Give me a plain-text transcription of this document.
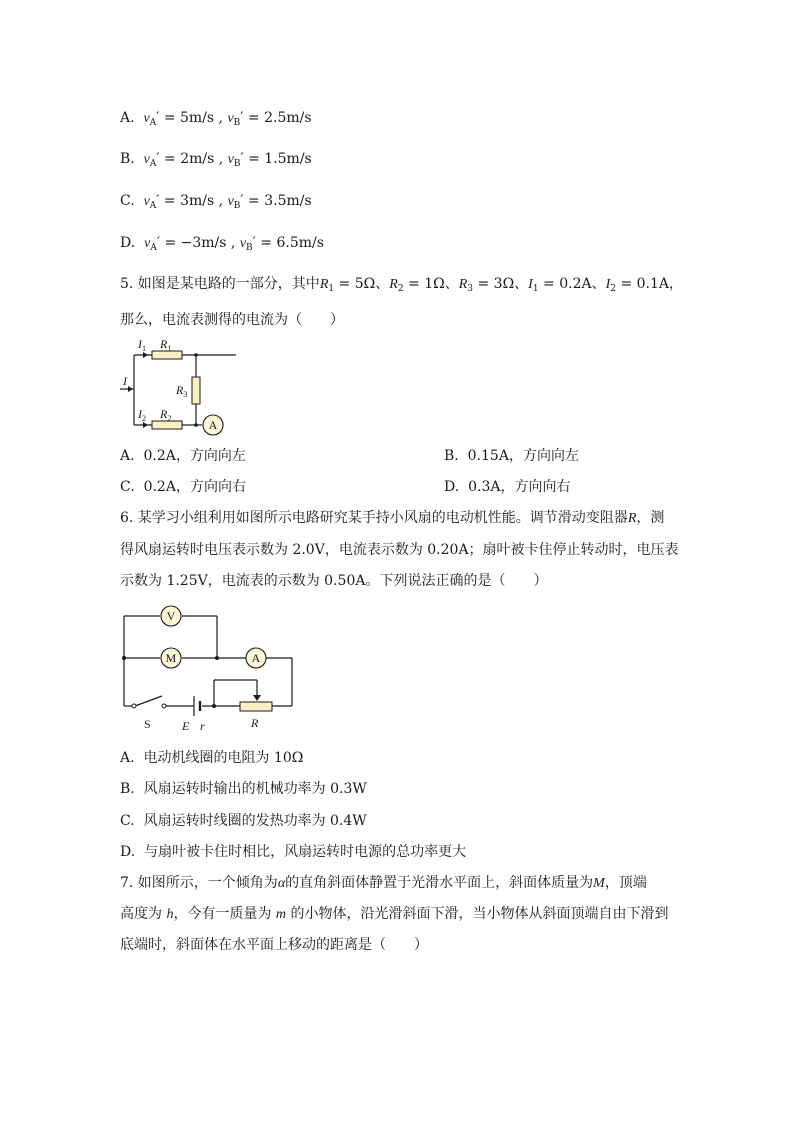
A. $v_A' = 5m/s$ , $v_B' = 2.5m/s$
B. $v_A' = 2m/s$ , $v_B' = 1.5m/s$
C. $v_A' = 3m/s$ , $v_B' = 3.5m/s$
D. $v_A' = -3m/s$ , $v_B' = 6.5m/s$
5. 如图是某电路的一部分，其中$R_1 = 5\Omega$、$R_2 = 1\Omega$、$R_3 = 3\Omega$、$I_1 = 0.2A$、$I_2 = 0.1A$，
那么，电流表测得的电流为（　　）
A
$I_1$ $R_1$
$R_3$
I
$I_2$ $R_2$
A. 0.2A，方向向左	B. 0.15A，方向向左
C. 0.2A，方向向右	D. 0.3A，方向向右
6. 某学习小组利用如图所示电路研究某手持小风扇的电动机性能。调节滑动变阻器R，测
得风扇运转时电压表示数为 2.0V，电流表示数为 0.20A；扇叶被卡住停止转动时，电压表
示数为 1.25V，电流表的示数为 0.50A。下列说法正确的是（　　）
V
M	A
S	E r	R
A. 电动机线圈的电阻为 10Ω
B. 风扇运转时输出的机械功率为 0.3W
C. 风扇运转时线圈的发热功率为 0.4W
D. 与扇叶被卡住时相比，风扇运转时电源的总功率更大
7. 如图所示，一个倾角为α的直角斜面体静置于光滑水平面上，斜面体质量为M，顶端
高度为 h，今有一质量为 m 的小物体，沿光滑斜面下滑，当小物体从斜面顶端自由下滑到
底端时，斜面体在水平面上移动的距离是（　　）
